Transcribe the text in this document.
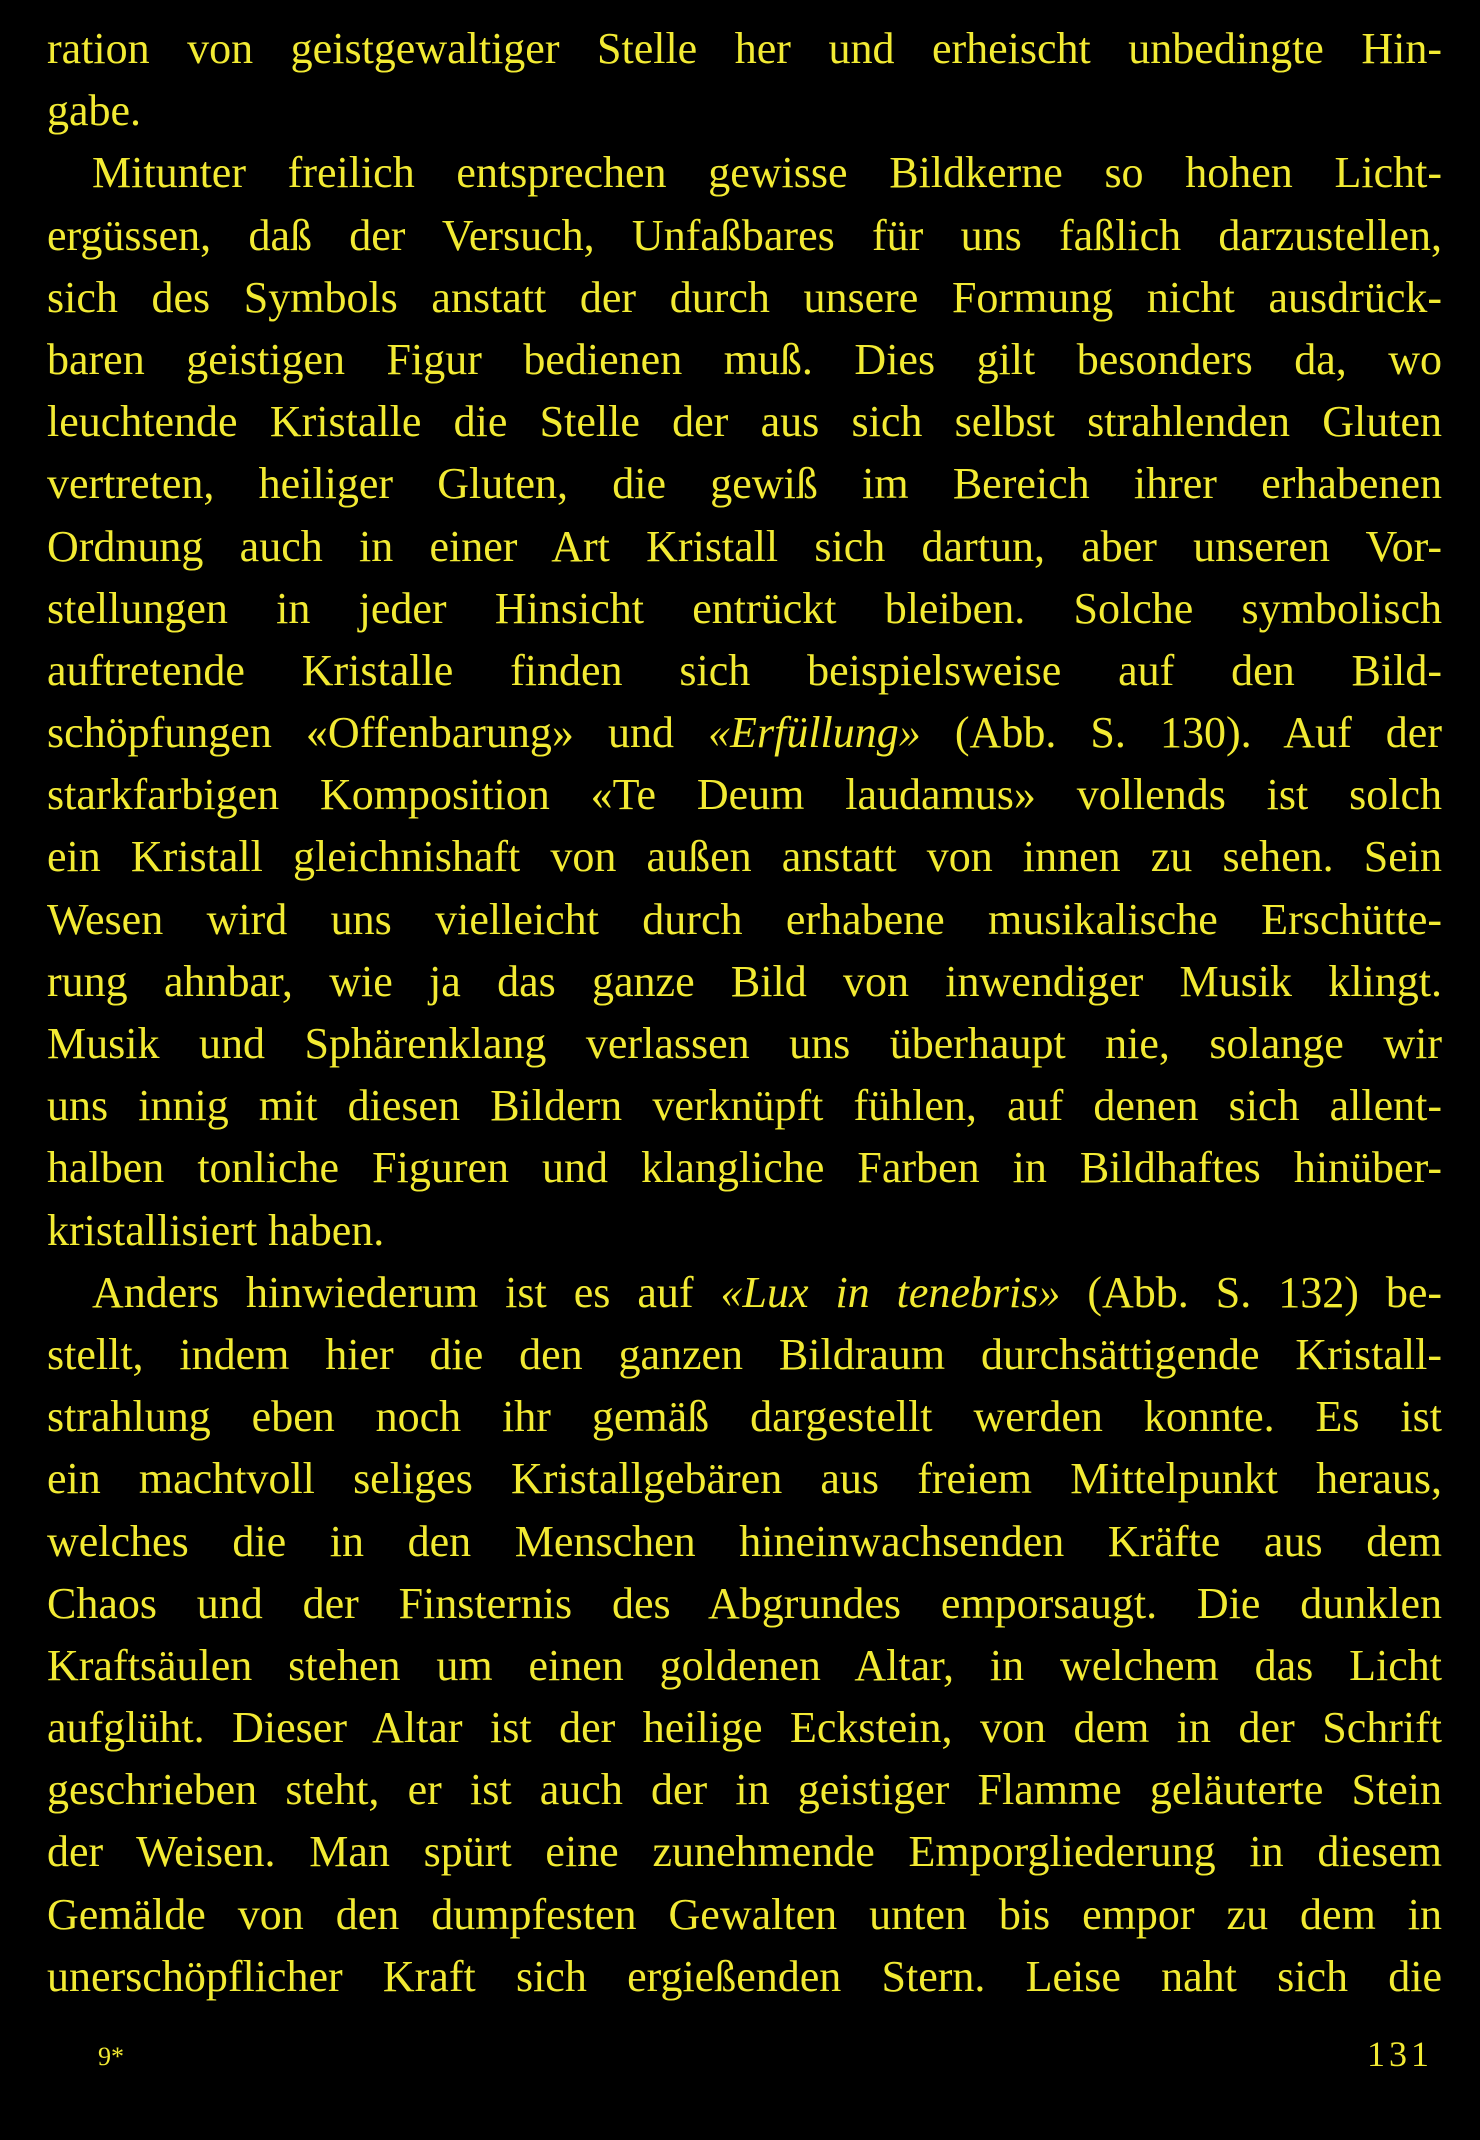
ration von geistgewaltiger Stelle her und erheischt unbedingte Hin-
gabe.
Mitunter freilich entsprechen gewisse Bildkerne so hohen Licht-
ergüssen, daß der Versuch, Unfaßbares für uns faßlich darzustellen,
sich des Symbols anstatt der durch unsere Formung nicht ausdrück-
baren geistigen Figur bedienen muß. Dies gilt besonders da, wo
leuchtende Kristalle die Stelle der aus sich selbst strahlenden Gluten
vertreten, heiliger Gluten, die gewiß im Bereich ihrer erhabenen
Ordnung auch in einer Art Kristall sich dartun, aber unseren Vor-
stellungen in jeder Hinsicht entrückt bleiben. Solche symbolisch
auftretende Kristalle finden sich beispielsweise auf den Bild-
schöpfungen «Offenbarung» und «Erfüllung» (Abb. S. 130). Auf der
starkfarbigen Komposition «Te Deum laudamus» vollends ist solch
ein Kristall gleichnishaft von außen anstatt von innen zu sehen. Sein
Wesen wird uns vielleicht durch erhabene musikalische Erschütte-
rung ahnbar, wie ja das ganze Bild von inwendiger Musik klingt.
Musik und Sphärenklang verlassen uns überhaupt nie, solange wir
uns innig mit diesen Bildern verknüpft fühlen, auf denen sich allent-
halben tonliche Figuren und klangliche Farben in Bildhaftes hinüber-
kristallisiert haben.
Anders hinwiederum ist es auf «Lux in tenebris» (Abb. S. 132) be-
stellt, indem hier die den ganzen Bildraum durchsättigende Kristall-
strahlung eben noch ihr gemäß dargestellt werden konnte. Es ist
ein machtvoll seliges Kristallgebären aus freiem Mittelpunkt heraus,
welches die in den Menschen hineinwachsenden Kräfte aus dem
Chaos und der Finsternis des Abgrundes emporsaugt. Die dunklen
Kraftsäulen stehen um einen goldenen Altar, in welchem das Licht
aufglüht. Dieser Altar ist der heilige Eckstein, von dem in der Schrift
geschrieben steht, er ist auch der in geistiger Flamme geläuterte Stein
der Weisen. Man spürt eine zunehmende Emporgliederung in diesem
Gemälde von den dumpfesten Gewalten unten bis empor zu dem in
unerschöpflicher Kraft sich ergießenden Stern. Leise naht sich die
9*	131
